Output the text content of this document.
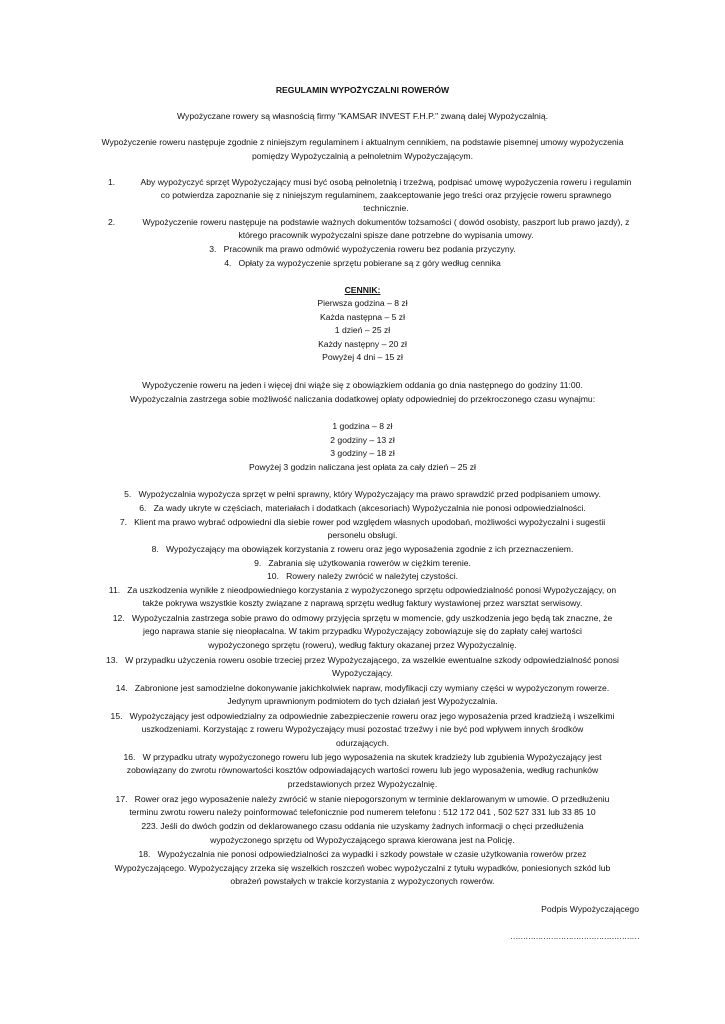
REGULAMIN WYPOŻYCZALNI ROWERÓW
Wypożyczane rowery są własnością firmy "KAMSAR INVEST F.H.P." zwaną dalej Wypożyczalnią.
Wypożyczenie roweru następuje zgodnie z niniejszym regulaminem i aktualnym cennikiem, na podstawie pisemnej umowy wypożyczenia
pomiędzy Wypożyczalnią a pełnoletnim Wypożyczającym.
1.	Aby wypożyczyć sprzęt Wypożyczający musi być osobą pełnoletnią i trzeźwą, podpisać umowę wypożyczenia roweru i regulamin
co potwierdza zapoznanie się z niniejszym regulaminem, zaakceptowanie jego treści oraz przyjęcie roweru sprawnego
technicznie.
2.	Wypożyczenie roweru następuje na podstawie ważnych dokumentów tożsamości ( dowód osobisty, paszport lub prawo jazdy), z
którego pracownik wypożyczalni spisze dane potrzebne do wypisania umowy.
3. Pracownik ma prawo odmówić wypożyczenia roweru bez podania przyczyny.
4. Opłaty za wypożyczenie sprzętu pobierane są z góry według cennika
CENNIK:
Pierwsza godzina – 8 zł
Każda następna – 5 zł
1 dzień – 25 zł
Każdy następny – 20 zł
Powyżej 4 dni – 15 zł
Wypożyczenie roweru na jeden i więcej dni wiąże się z obowiązkiem oddania go dnia następnego do godziny 11:00.
Wypożyczalnia zastrzega sobie możliwość naliczania dodatkowej opłaty odpowiedniej do przekroczonego czasu wynajmu:
1 godzina – 8 zł
2 godziny – 13 zł
3 godziny – 18 zł
Powyżej 3 godzin naliczana jest opłata za cały dzień – 25 zł
5. Wypożyczalnia wypożycza sprzęt w pełni sprawny, który Wypożyczający ma prawo sprawdzić przed podpisaniem umowy.
6. Za wady ukryte w częściach, materiałach i dodatkach (akcesoriach) Wypożyczalnia nie ponosi odpowiedzialności.
7. Klient ma prawo wybrać odpowiedni dla siebie rower pod względem własnych upodobań, możliwości wypożyczalni i sugestii
personelu obsługi.
8. Wypożyczający ma obowiązek korzystania z roweru oraz jego wyposażenia zgodnie z ich przeznaczeniem.
9. Zabrania się użytkowania rowerów w ciężkim terenie.
10. Rowery należy zwrócić w należytej czystości.
11. Za uszkodzenia wynikłe z nieodpowiedniego korzystania z wypożyczonego sprzętu odpowiedzialność ponosi Wypożyczający, on
także pokrywa wszystkie koszty związane z naprawą sprzętu według faktury wystawionej przez warsztat serwisowy.
12. Wypożyczalnia zastrzega sobie prawo do odmowy przyjęcia sprzętu w momencie, gdy uszkodzenia jego będą tak znaczne, że
jego naprawa stanie się nieopłacalna. W takim przypadku Wypożyczający zobowiązuje się do zapłaty całej wartości
wypożyczonego sprzętu (roweru), według faktury okazanej przez Wypożyczalnię.
13. W przypadku użyczenia roweru osobie trzeciej przez Wypożyczającego, za wszelkie ewentualne szkody odpowiedzialność ponosi
Wypożyczający.
14. Zabronione jest samodzielne dokonywanie jakichkolwiek napraw, modyfikacji czy wymiany części w wypożyczonym rowerze.
Jedynym uprawnionym podmiotem do tych działań jest Wypożyczalnia.
15. Wypożyczający jest odpowiedzialny za odpowiednie zabezpieczenie roweru oraz jego wyposażenia przed kradzieżą i wszelkimi
uszkodzeniami. Korzystając z roweru Wypożyczający musi pozostać trzeźwy i nie być pod wpływem innych środków
odurzających.
16. W przypadku utraty wypożyczonego roweru lub jego wyposażenia na skutek kradzieży lub zgubienia Wypożyczający jest
zobowiązany do zwrotu równowartości kosztów odpowiadających wartości roweru lub jego wyposażenia, według rachunków
przedstawionych przez Wypożyczalnię.
17. Rower oraz jego wyposażenie należy zwrócić w stanie niepogorszonym w terminie deklarowanym w umowie. O przedłużeniu
terminu zwrotu roweru należy poinformować telefonicznie pod numerem telefonu : 512 172 041 , 502 527 331 lub 33 85 10
223. Jeśli do dwóch godzin od deklarowanego czasu oddania nie uzyskamy żadnych informacji o chęci przedłużenia
wypożyczonego sprzętu od Wypożyczającego sprawa kierowana jest na Policję.
18. Wypożyczalnia nie ponosi odpowiedzialności za wypadki i szkody powstałe w czasie użytkowania rowerów przez
Wypożyczającego. Wypożyczający zrzeka się wszelkich roszczeń wobec wypożyczalni z tytułu wypadków, poniesionych szkód lub
obrażeń powstałych w trakcie korzystania z wypożyczonych rowerów.
Podpis Wypożyczającego
……………………………………………
